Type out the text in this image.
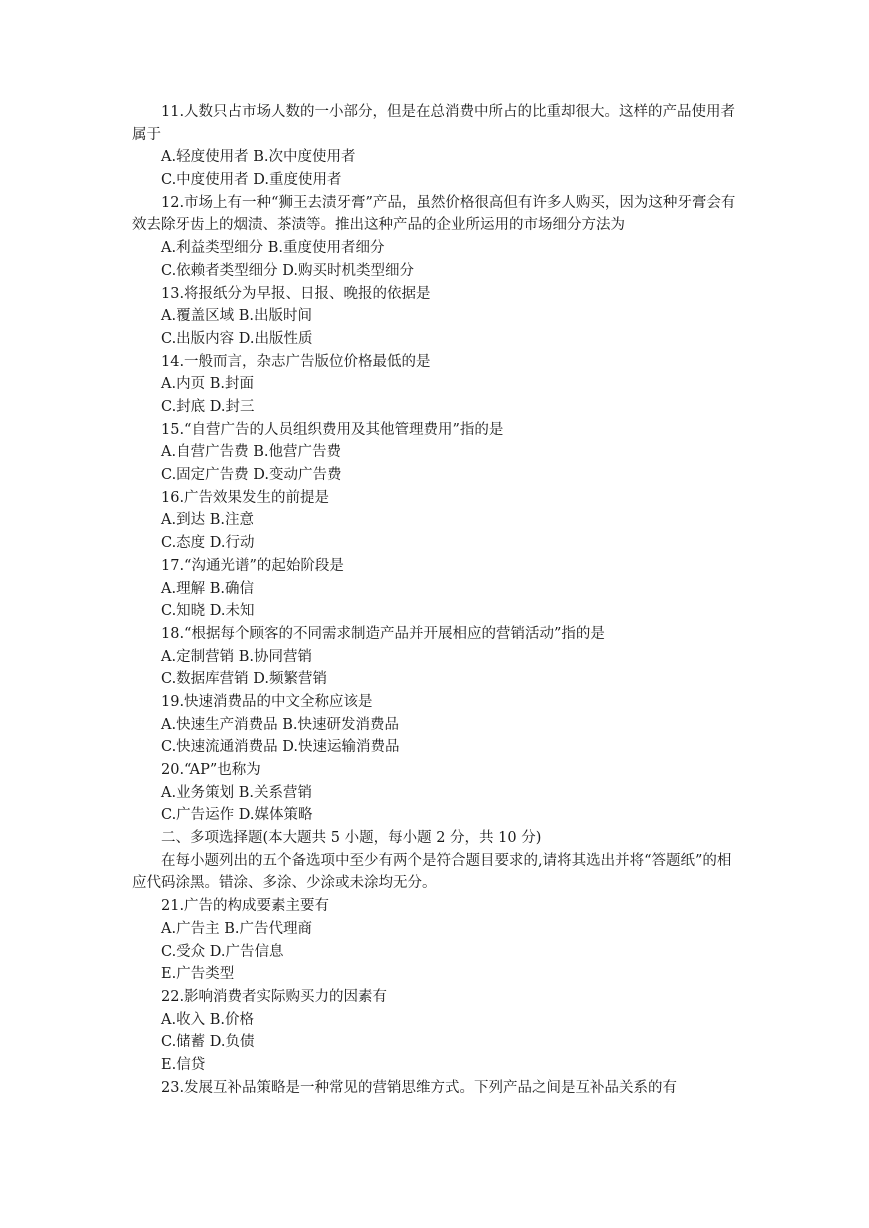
11.人数只占市场人数的一小部分，但是在总消费中所占的比重却很大。这样的产品使用者属于
A.轻度使用者 B.次中度使用者
C.中度使用者 D.重度使用者
12.市场上有一种“狮王去渍牙膏”产品，虽然价格很高但有许多人购买，因为这种牙膏会有效去除牙齿上的烟渍、茶渍等。推出这种产品的企业所运用的市场细分方法为
A.利益类型细分 B.重度使用者细分
C.依赖者类型细分 D.购买时机类型细分
13.将报纸分为早报、日报、晚报的依据是
A.覆盖区域 B.出版时间
C.出版内容 D.出版性质
14.一般而言，杂志广告版位价格最低的是
A.内页 B.封面
C.封底 D.封三
15.“自营广告的人员组织费用及其他管理费用”指的是
A.自营广告费 B.他营广告费
C.固定广告费 D.变动广告费
16.广告效果发生的前提是
A.到达 B.注意
C.态度 D.行动
17.“沟通光谱”的起始阶段是
A.理解 B.确信
C.知晓 D.未知
18.“根据每个顾客的不同需求制造产品并开展相应的营销活动”指的是
A.定制营销 B.协同营销
C.数据库营销 D.频繁营销
19.快速消费品的中文全称应该是
A.快速生产消费品 B.快速研发消费品
C.快速流通消费品 D.快速运输消费品
20.“AP”也称为
A.业务策划 B.关系营销
C.广告运作 D.媒体策略
二、多项选择题(本大题共 5 小题，每小题 2 分，共 10 分)
在每小题列出的五个备选项中至少有两个是符合题目要求的,请将其选出并将“答题纸”的相应代码涂黑。错涂、多涂、少涂或未涂均无分。
21.广告的构成要素主要有
A.广告主 B.广告代理商
C.受众 D.广告信息
E.广告类型
22.影响消费者实际购买力的因素有
A.收入 B.价格
C.储蓄 D.负债
E.信贷
23.发展互补品策略是一种常见的营销思维方式。下列产品之间是互补品关系的有
